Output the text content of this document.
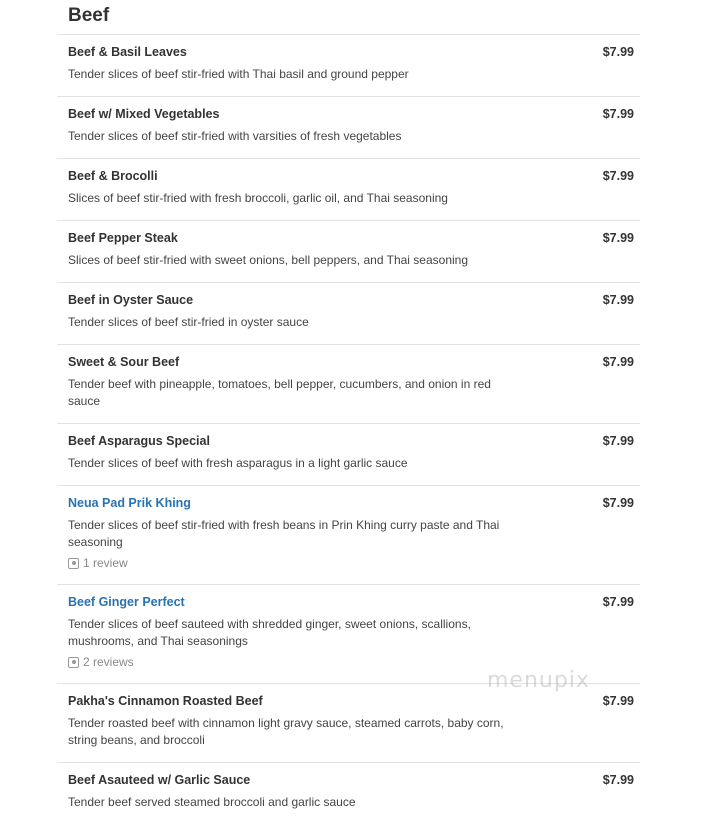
Beef
Beef & Basil Leaves	$7.99
Tender slices of beef stir-fried with Thai basil and ground pepper
Beef w/ Mixed Vegetables	$7.99
Tender slices of beef stir-fried with varsities of fresh vegetables
Beef & Brocolli	$7.99
Slices of beef stir-fried with fresh broccoli, garlic oil, and Thai seasoning
Beef Pepper Steak	$7.99
Slices of beef stir-fried with sweet onions, bell peppers, and Thai seasoning
Beef in Oyster Sauce	$7.99
Tender slices of beef stir-fried in oyster sauce
Sweet & Sour Beef	$7.99
Tender beef with pineapple, tomatoes, bell pepper, cucumbers, and onion in red sauce
Beef Asparagus Special	$7.99
Tender slices of beef with fresh asparagus in a light garlic sauce
Neua Pad Prik Khing	$7.99
Tender slices of beef stir-fried with fresh beans in Prin Khing curry paste and Thai seasoning
1 review
Beef Ginger Perfect	$7.99
Tender slices of beef sauteed with shredded ginger, sweet onions, scallions, mushrooms, and Thai seasonings
2 reviews
Pakha's Cinnamon Roasted Beef	$7.99
Tender roasted beef with cinnamon light gravy sauce, steamed carrots, baby corn, string beans, and broccoli
Beef Asauteed w/ Garlic Sauce	$7.99
Tender beef served steamed broccoli and garlic sauce
menupix
